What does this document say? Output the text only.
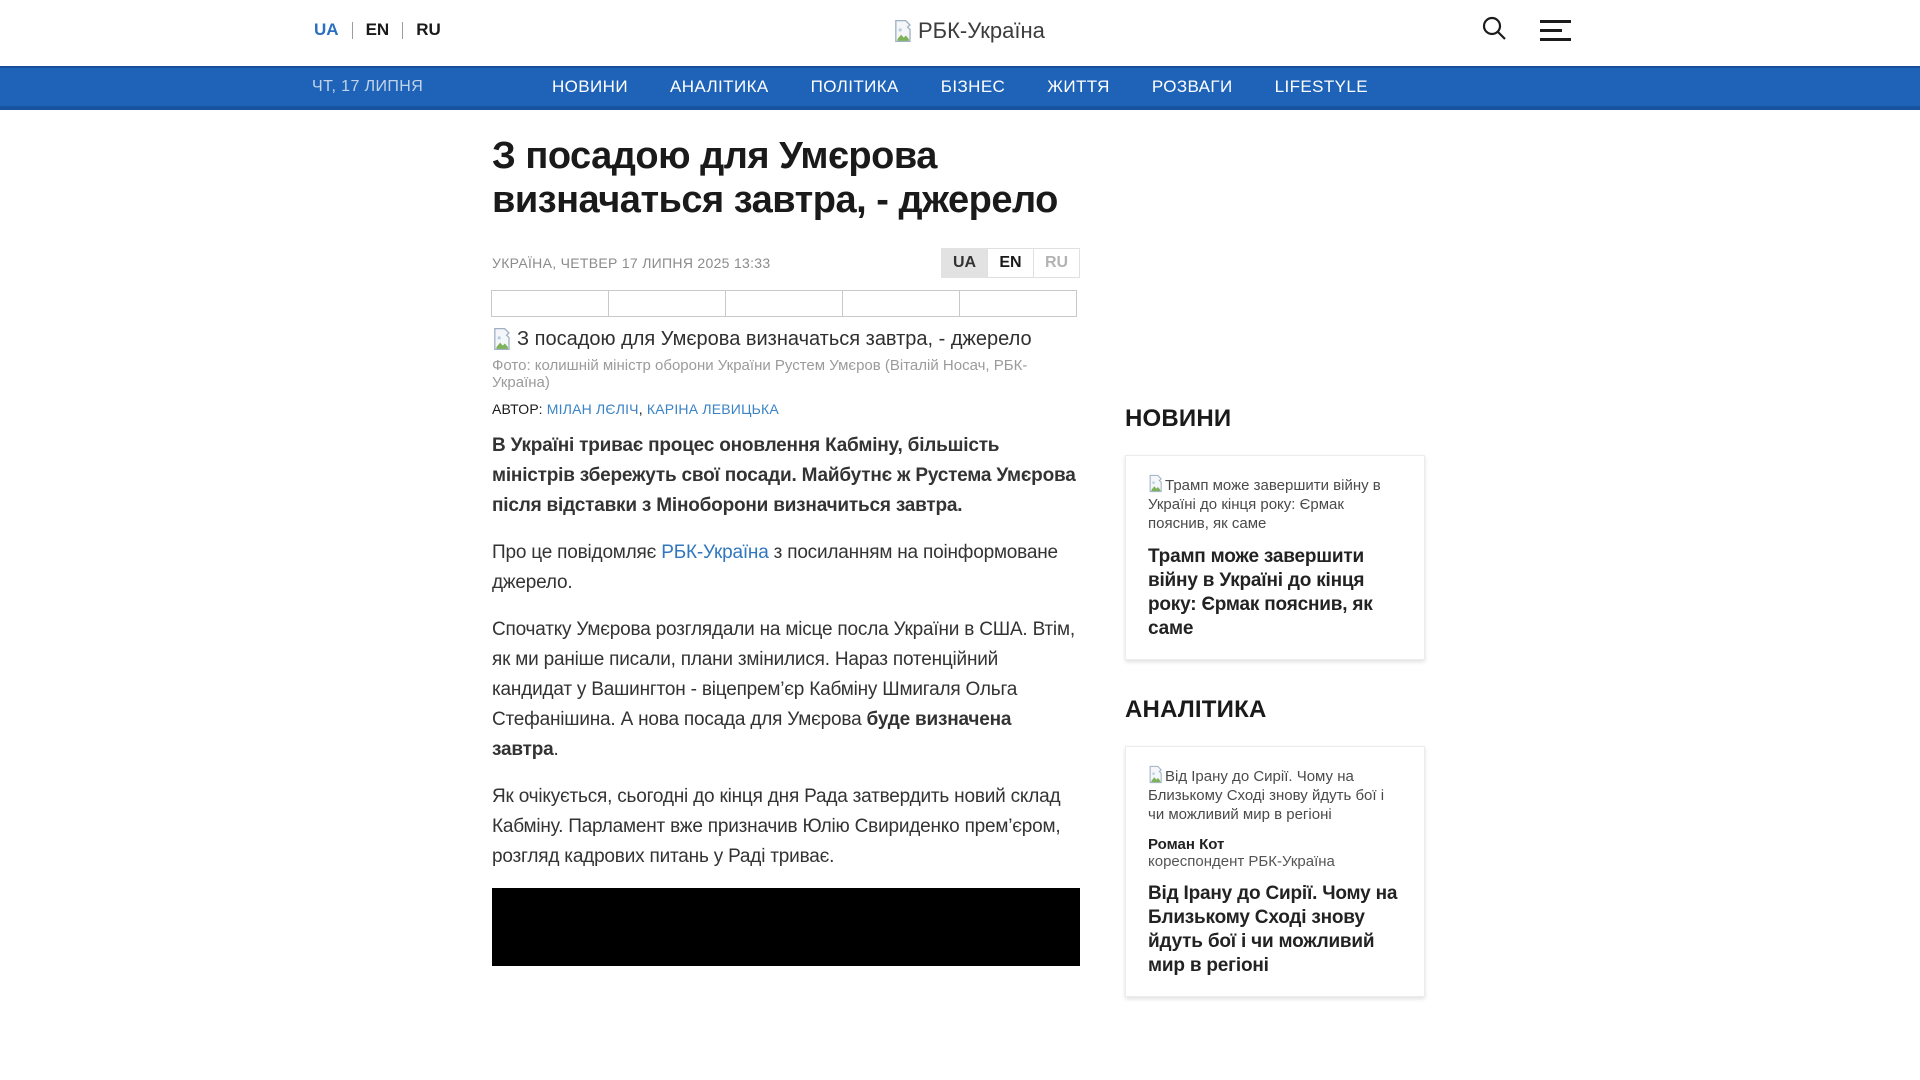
UA EN RU	РБК-Україна
ЧТ, 17 ЛИПНЯ	НОВИНИ АНАЛІТИКА ПОЛІТИКА БІЗНЕС ЖИТТЯ РОЗВАГИ LIFESTYLE
З посадою для Умєрова визначаться завтра, - джерело
УКРАЇНА, ЧЕТВЕР 17 ЛИПНЯ 2025 13:33	UA	EN	RU
З посадою для Умєрова визначаться завтра, - джерело
Фото: колишній міністр оборони України Рустем Умєров (Віталій Носач, РБК-Україна)
АВТОР: МІЛАН ЛЄЛІЧ, КАРІНА ЛЕВИЦЬКА

В Україні триває процес оновлення Кабміну, більшість міністрів збережуть свої посади. Майбутнє ж Рустема Умєрова після відставки з Міноборони визначиться завтра.

Про це повідомляє РБК-Україна з посиланням на поінформоване джерело.

Спочатку Умєрова розглядали на місце посла України в США. Втім, як ми раніше писали, плани змінилися. Нараз потенційний кандидат у Вашингтон - віцепрем’єр Кабміну Шмигаля Ольга Стефанішина. А нова посада для Умєрова буде визначена завтра.

Як очікується, сьогодні до кінця дня Рада затвердить новий склад Кабміну. Парламент вже призначив Юлію Свириденко прем’єром, розгляд кадрових питань у Раді триває.

НОВИНИ
Трамп може завершити війну в Україні до кінця року: Єрмак пояснив, як саме
Трамп може завершити війну в Україні до кінця року: Єрмак пояснив, як саме
АНАЛІТИКА
Від Ірану до Сирії. Чому на Близькому Сході знову йдуть бої і чи можливий мир в регіоні
Роман Кот
кореспондент РБК-Україна
Від Ірану до Сирії. Чому на Близькому Сході знову йдуть бої і чи можливий мир в регіоні
